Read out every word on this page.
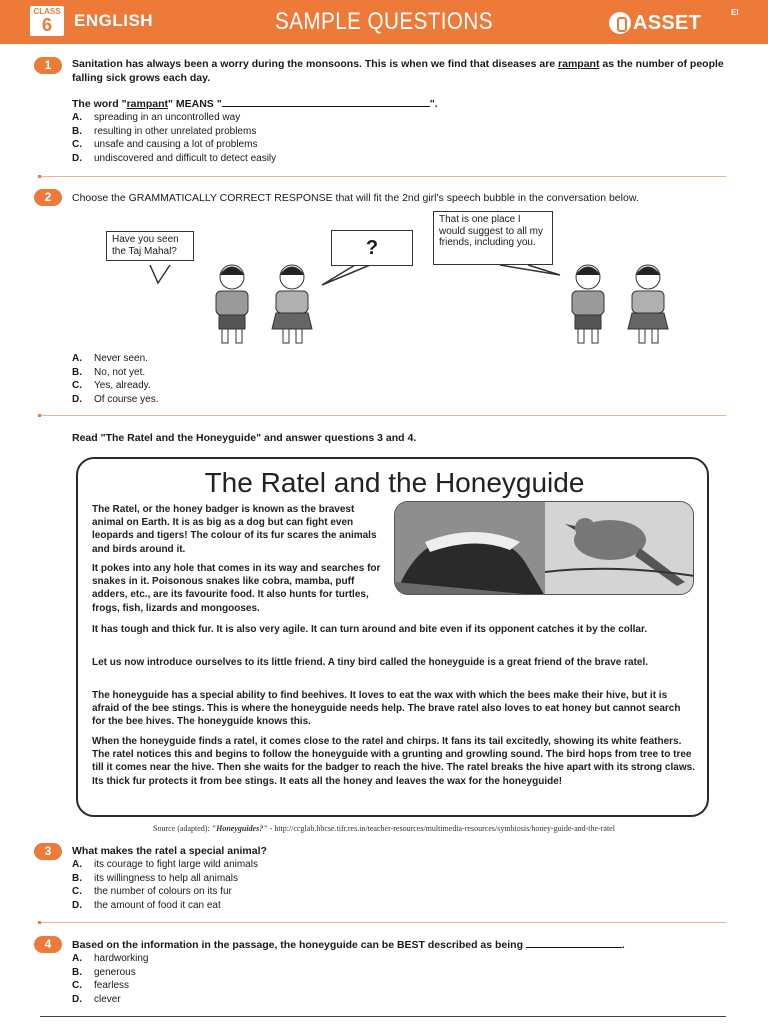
CLASS
6	ENGLISH	SAMPLE QUESTIONS	ASSET	EI
1	Sanitation has always been a worry during the monsoons. This is when we find that diseases are rampant as the number of people falling sick grows each day.
The word "rampant" MEANS "	".
A.	spreading in an uncontrolled way
B.	resulting in other unrelated problems
C.	unsafe and causing a lot of problems
D.	undiscovered and difficult to detect easily
2	Choose the GRAMMATICALLY CORRECT RESPONSE that will fit the 2nd girl's speech bubble in the conversation below.
Have you seen the Taj Mahal?	?
That is one place I would suggest to all my friends, including you.
A.	Never seen.
B.	No, not yet.
C.	Yes, already.
D.	Of course yes.
Read "The Ratel and the Honeyguide" and answer questions 3 and 4.
The Ratel and the Honeyguide
The Ratel, or the honey badger is known as the bravest animal on Earth. It is as big as a dog but can fight even leopards and tigers! The colour of its fur scares the animals and birds around it.
It pokes into any hole that comes in its way and searches for snakes in it. Poisonous snakes like cobra, mamba, puff adders, etc., are its favourite food. It also hunts for turtles, frogs, fish, lizards and mongooses.
It has tough and thick fur. It is also very agile. It can turn around and bite even if its opponent catches it by the collar.
Let us now introduce ourselves to its little friend. A tiny bird called the honeyguide is a great friend of the brave ratel.
The honeyguide has a special ability to find beehives. It loves to eat the wax with which the bees make their hive, but it is afraid of the bee stings. This is where the honeyguide needs help. The brave ratel also loves to eat honey but cannot search for the bee hives. The honeyguide knows this.
When the honeyguide finds a ratel, it comes close to the ratel and chirps. It fans its tail excitedly, showing its white feathers. The ratel notices this and begins to follow the honeyguide with a grunting and growling sound. The bird hops from tree to tree till it comes near the hive. Then she waits for the badger to reach the hive. The ratel breaks the hive apart with its strong claws. Its thick fur protects it from bee stings. It eats all the honey and leaves the wax for the honeyguide!
Source (adapted): "Honeyguides?" - http://ccglab.hbcse.tifr.res.in/teacher-resources/multimedia-resources/symbiosis/honey-guide-and-the-ratel
3	What makes the ratel a special animal?
A.	its courage to fight large wild animals
B.	its willingness to help all animals
C.	the number of colours on its fur
D.	the amount of food it can eat
4	Based on the information in the passage, the honeyguide can be BEST described as being	.
A.	hardworking
B.	generous
C.	fearless
D.	clever
